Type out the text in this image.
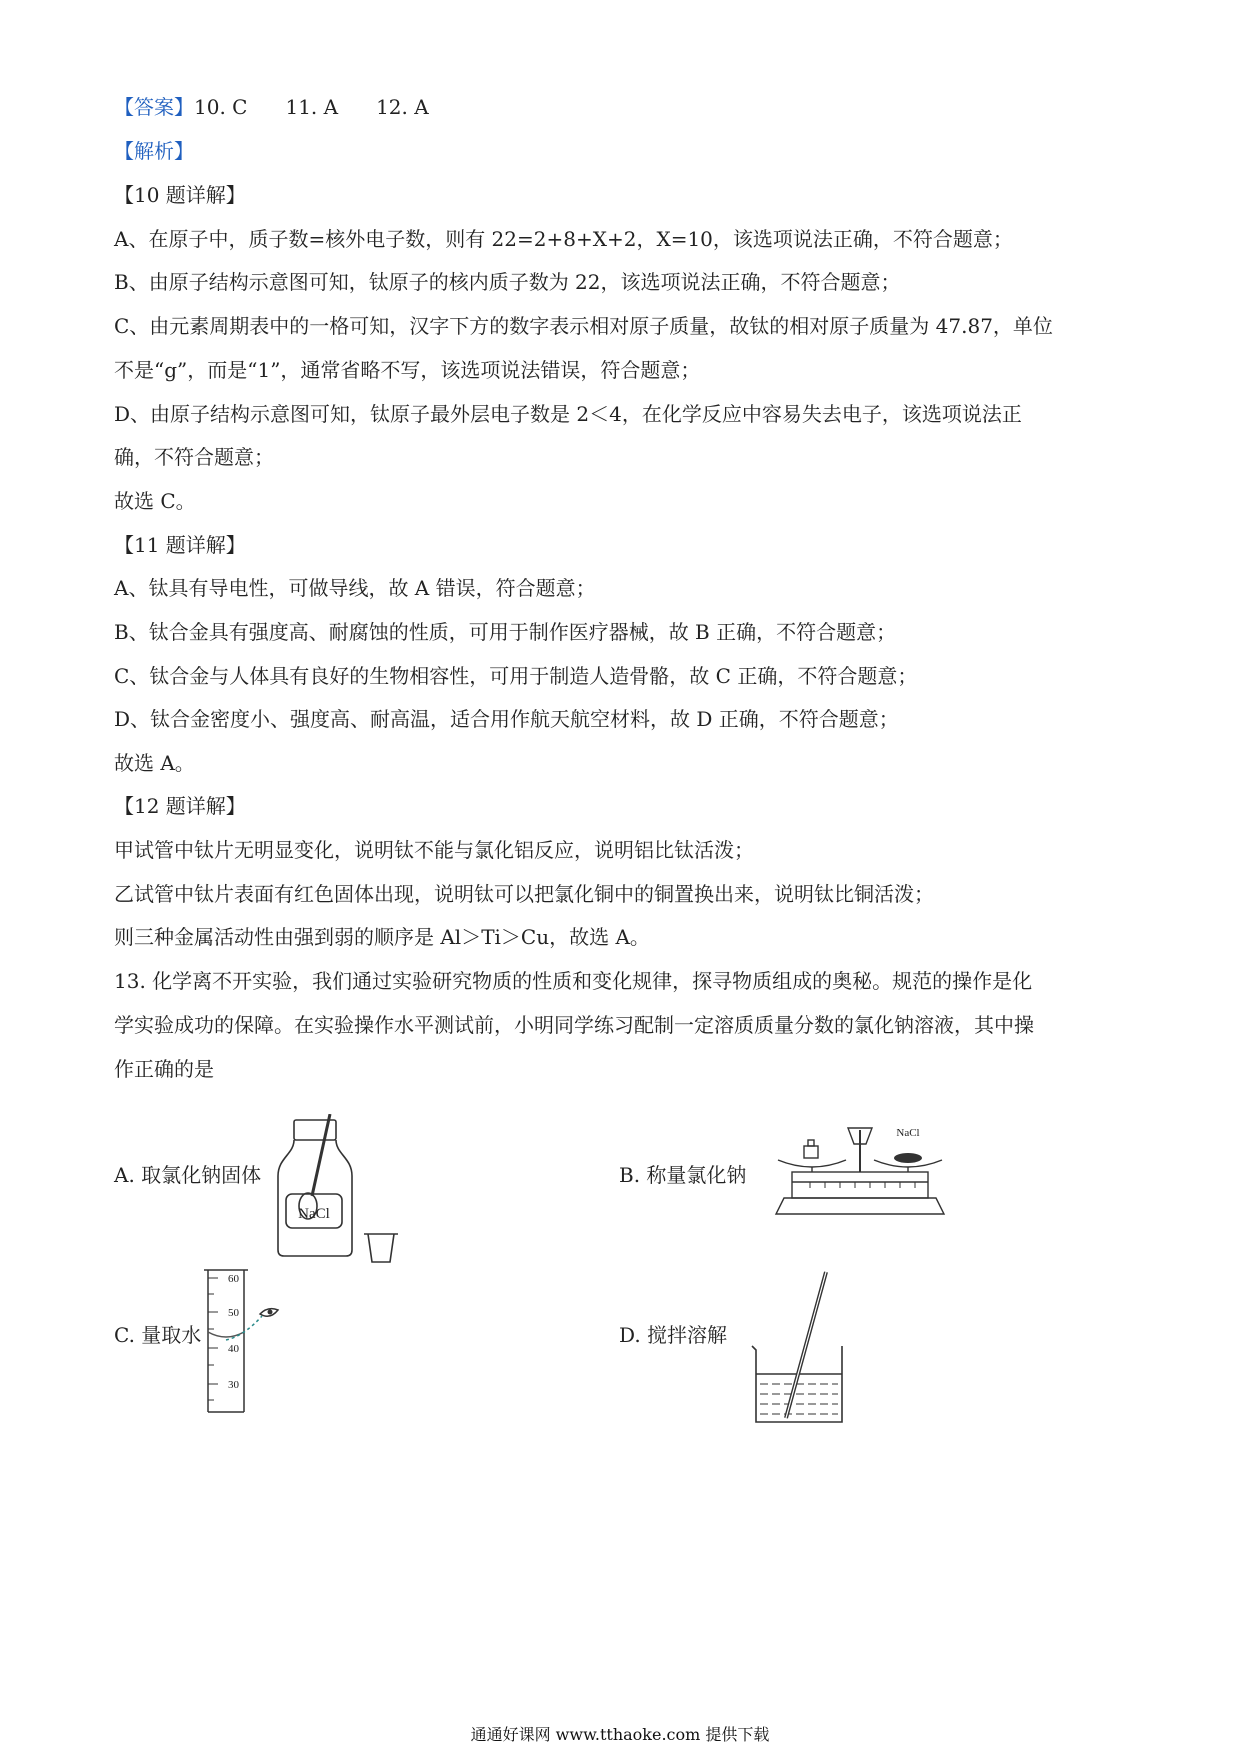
【答案】10. C 11. A 12. A
【解析】
【10 题详解】
A、在原子中，质子数=核外电子数，则有 22=2+8+X+2，X=10，该选项说法正确，不符合题意；
B、由原子结构示意图可知，钛原子的核内质子数为 22，该选项说法正确，不符合题意；
C、由元素周期表中的一格可知，汉字下方的数字表示相对原子质量，故钛的相对原子质量为 47.87，单位
不是“g”，而是“1”，通常省略不写，该选项说法错误，符合题意；
D、由原子结构示意图可知，钛原子最外层电子数是 2＜4，在化学反应中容易失去电子，该选项说法正
确，不符合题意；
故选 C。
【11 题详解】
A、钛具有导电性，可做导线，故 A 错误，符合题意；
B、钛合金具有强度高、耐腐蚀的性质，可用于制作医疗器械，故 B 正确，不符合题意；
C、钛合金与人体具有良好的生物相容性，可用于制造人造骨骼，故 C 正确，不符合题意；
D、钛合金密度小、强度高、耐高温，适合用作航天航空材料，故 D 正确，不符合题意；
故选 A。
【12 题详解】
甲试管中钛片无明显变化，说明钛不能与氯化铝反应，说明铝比钛活泼；
乙试管中钛片表面有红色固体出现，说明钛可以把氯化铜中的铜置换出来，说明钛比铜活泼；
则三种金属活动性由强到弱的顺序是 Al＞Ti＞Cu，故选 A。
13. 化学离不开实验，我们通过实验研究物质的性质和变化规律，探寻物质组成的奥秘。规范的操作是化
学实验成功的保障。在实验操作水平测试前，小明同学练习配制一定溶质质量分数的氯化钠溶液，其中操
作正确的是
A. 取氯化钠固体
NaCl
B. 称量氯化钠
NaCl
C. 量取水
60
50
40
30
D. 搅拌溶解
通通好课网 www.tthaoke.com 提供下载
